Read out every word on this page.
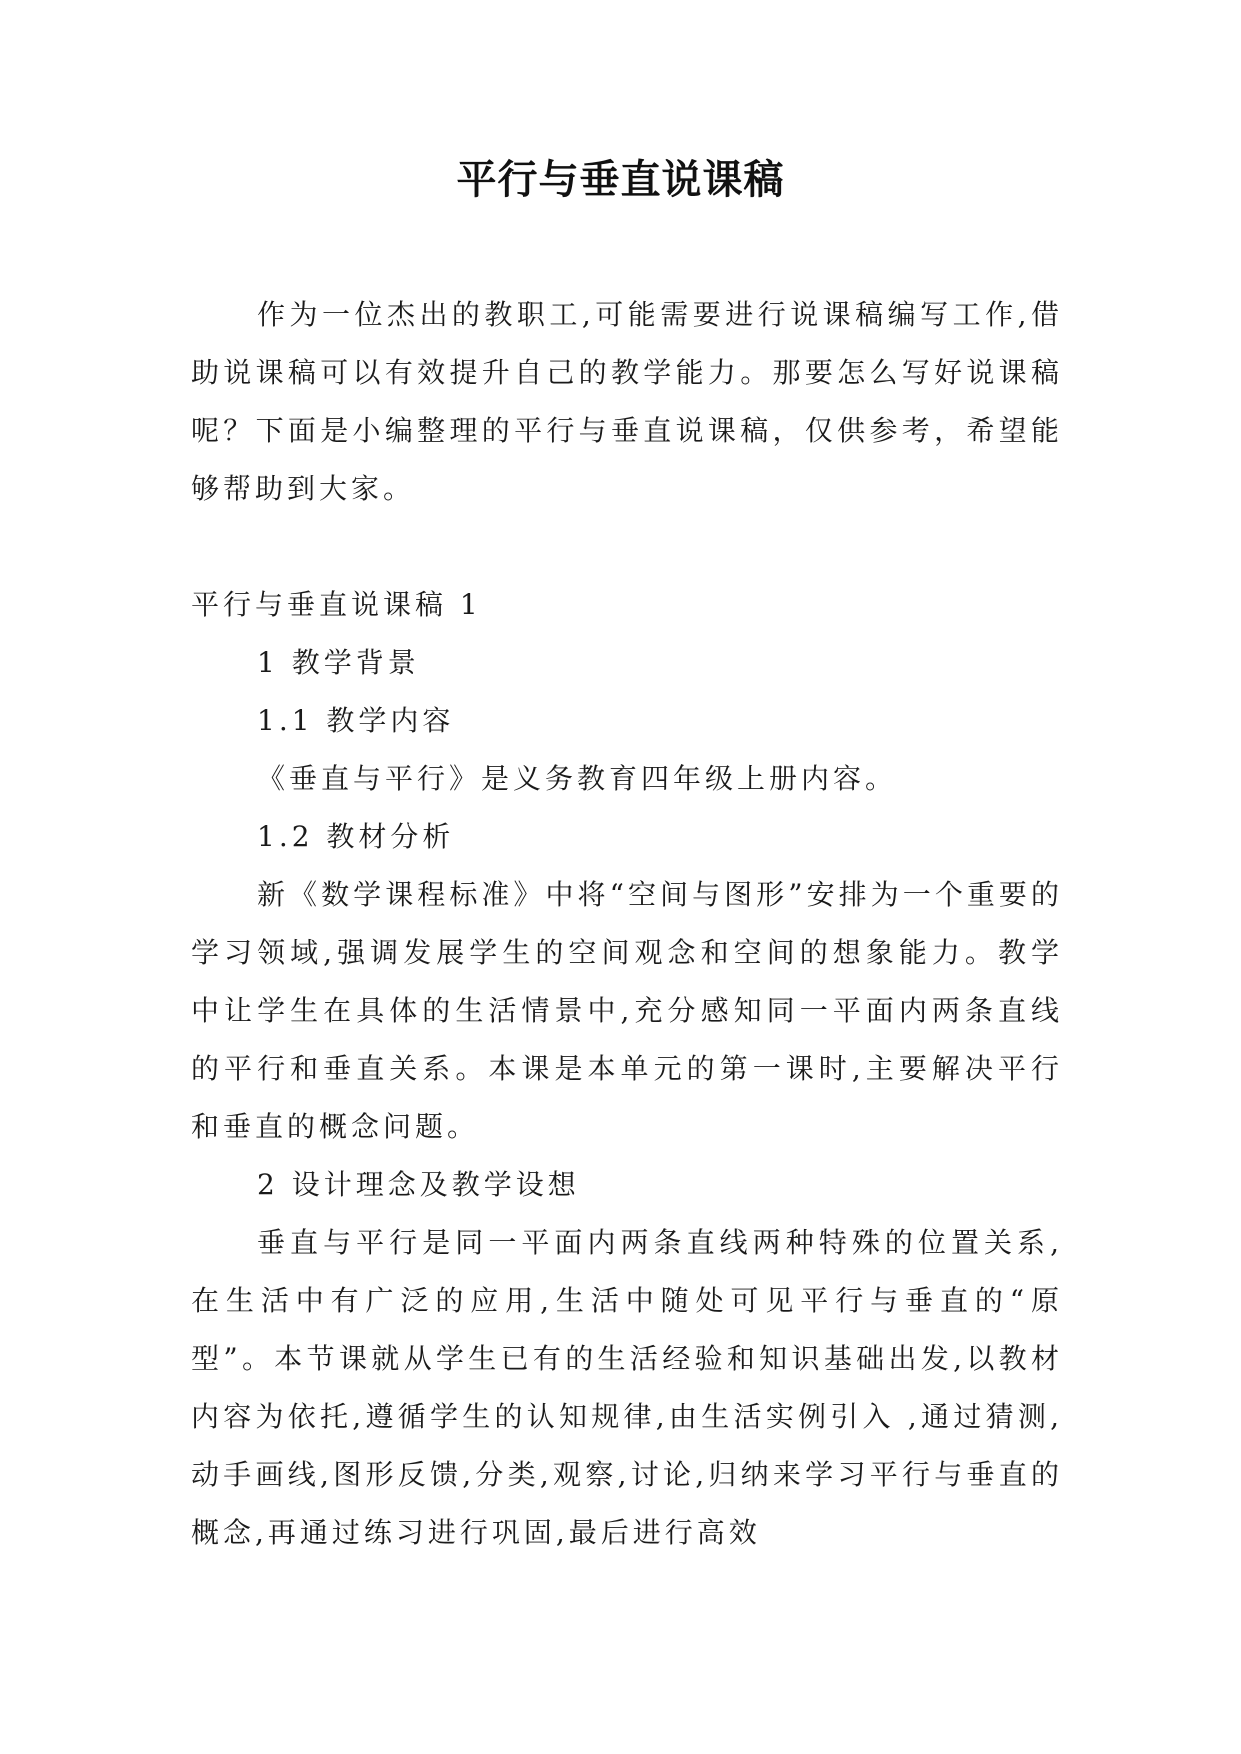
平行与垂直说课稿

作为一位杰出的教职工,可能需要进行说课稿编写工作,借助说课稿可以有效提升自己的教学能力。那要怎么写好说课稿呢？下面是小编整理的平行与垂直说课稿，仅供参考，希望能够帮助到大家。

平行与垂直说课稿 1

1 教学背景

1.1 教学内容

《垂直与平行》是义务教育四年级上册内容。

1.2 教材分析

新《数学课程标准》中将“空间与图形”安排为一个重要的学习领域,强调发展学生的空间观念和空间的想象能力。教学中让学生在具体的生活情景中,充分感知同一平面内两条直线的平行和垂直关系。本课是本单元的第一课时,主要解决平行和垂直的概念问题。

2 设计理念及教学设想

垂直与平行是同一平面内两条直线两种特殊的位置关系,在生活中有广泛的应用,生活中随处可见平行与垂直的“原型”。本节课就从学生已有的生活经验和知识基础出发,以教材内容为依托,遵循学生的认知规律,由生活实例引入 ,通过猜测,动手画线,图形反馈,分类,观察,讨论,归纳来学习平行与垂直的概念,再通过练习进行巩固,最后进行高效
